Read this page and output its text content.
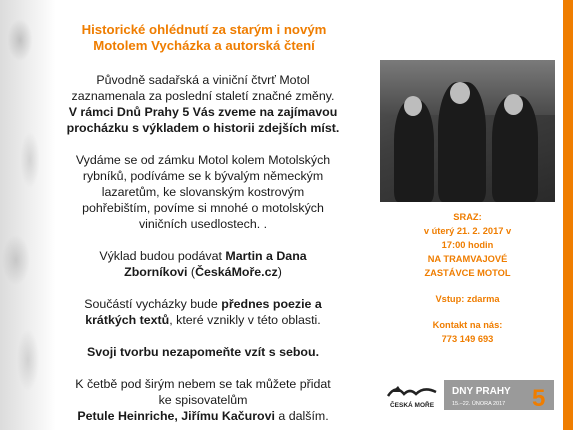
Historické ohlédnutí za starým i novým
Motolem Vycházka a autorská čtení
Původně sadařská a viniční čtvrť Motol
zaznamenala za poslední staletí značné změny.
V rámci Dnů Prahy 5 Vás zveme na zajímavou
procházku s výkladem o historii zdejších míst.
Vydáme se od zámku Motol kolem Motolských
rybníků, podíváme se k bývalým německým
lazaretům, ke slovanským kostrovým
pohřebištím, povíme si mnohé o motolských
viničních usedlostech. .
Výklad budou podávat Martin a Dana
Zborníkovi (ČeskáMoře.cz)
Součástí vycházky bude přednes poezie a
krátkých textů, které vznikly v této oblasti.
Svoji tvorbu nezapomeňte vzít s sebou.
K četbě pod širým nebem se tak můžete přidat
ke spisovatelům
Petule Heinriche, Jiřímu Kačurovi a dalším.
SRAZ:
v úterý 21. 2. 2017 v
17:00 hodin
NA TRAMVAJOVÉ
ZASTÁVCE MOTOL
Vstup: zdarma
Kontakt na nás:
773 149 693
ČESKÁ MOŘE
DNY PRAHY
15.–22. ÚNORA 2017 5
